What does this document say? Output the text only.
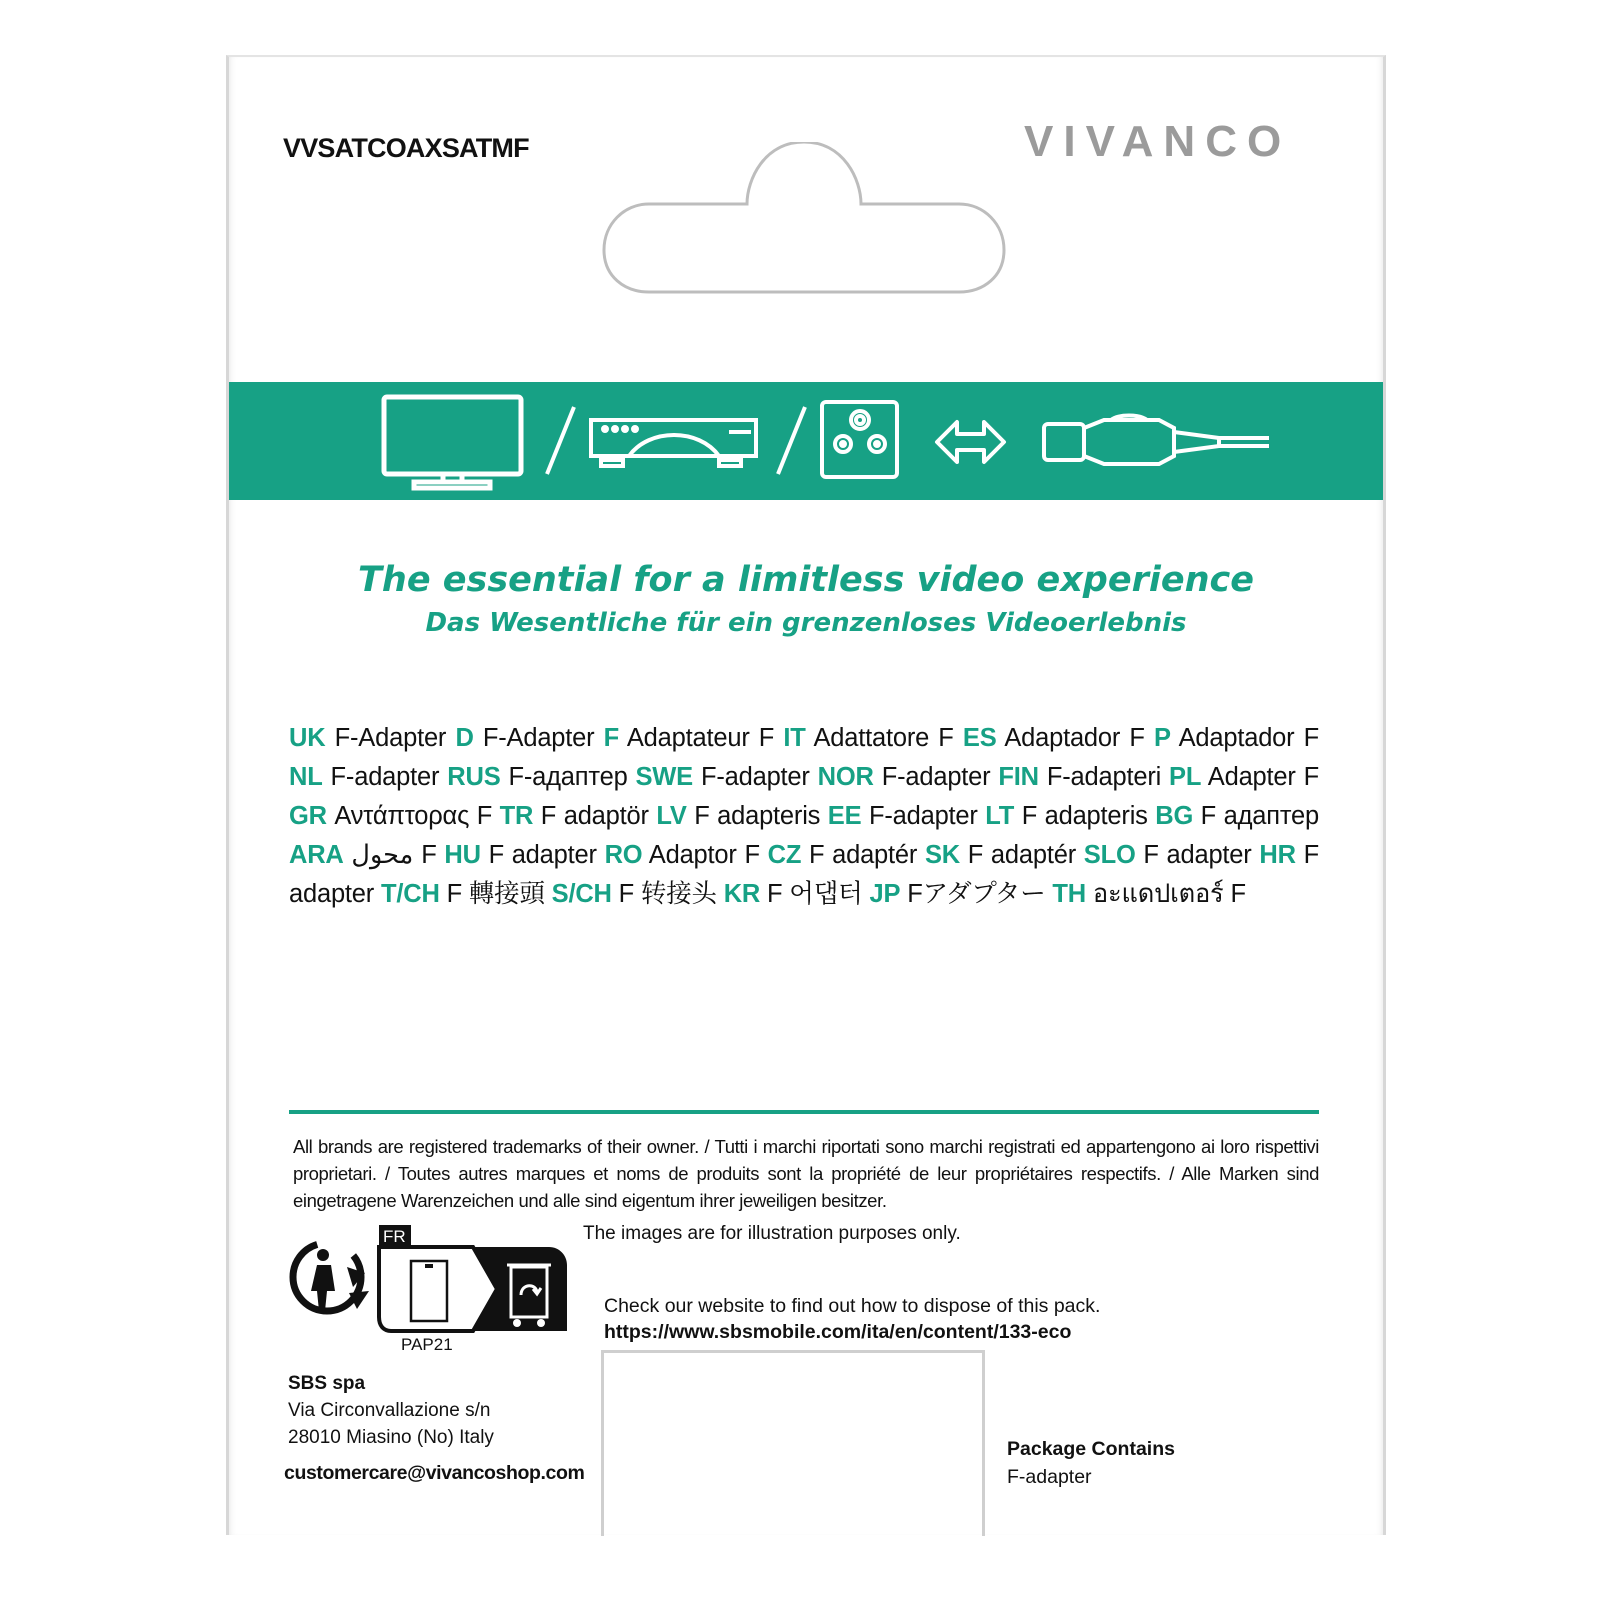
VVSATCOAXSATMF	VIVANCO
The essential for a limitless video experience
Das Wesentliche für ein grenzenloses Videoerlebnis
UK F-Adapter D F-Adapter F Adaptateur F IT Adattatore F ES Adaptador F P Adaptador F NL F-adapter RUS F-адаптер SWE F-adapter NOR F-adapter FIN F-adapteri PL Adapter F GR Αντάπτορας F TR F adaptör LV F adapteris EE F-adapter LT F adapteris BG F адаптер ARA محول F HU F adapter RO Adaptor F CZ F adaptér SK F adaptér SLO F adapter HR F adapter T/CH F 轉接頭 S/CH F 转接头 KR F 어댑터 JP Fアダプター TH อะแดปเตอร์ F
All brands are registered trademarks of their owner. / Tutti i marchi riportati sono marchi registrati ed appartengono ai loro rispettivi proprietari. / Toutes autres marques et noms de produits sont la propriété de leur propriétaires respectifs. / Alle Marken sind eingetragene Warenzeichen und alle sind eigentum ihrer jeweiligen besitzer.
The images are for illustration purposes only.
FR
PAP21
Check our website to find out how to dispose of this pack.
https://www.sbsmobile.com/ita/en/content/133-eco
SBS spa
Via Circonvallazione s/n
28010 Miasino (No) Italy
customercare@vivancoshop.com
Package Contains
F-adapter
